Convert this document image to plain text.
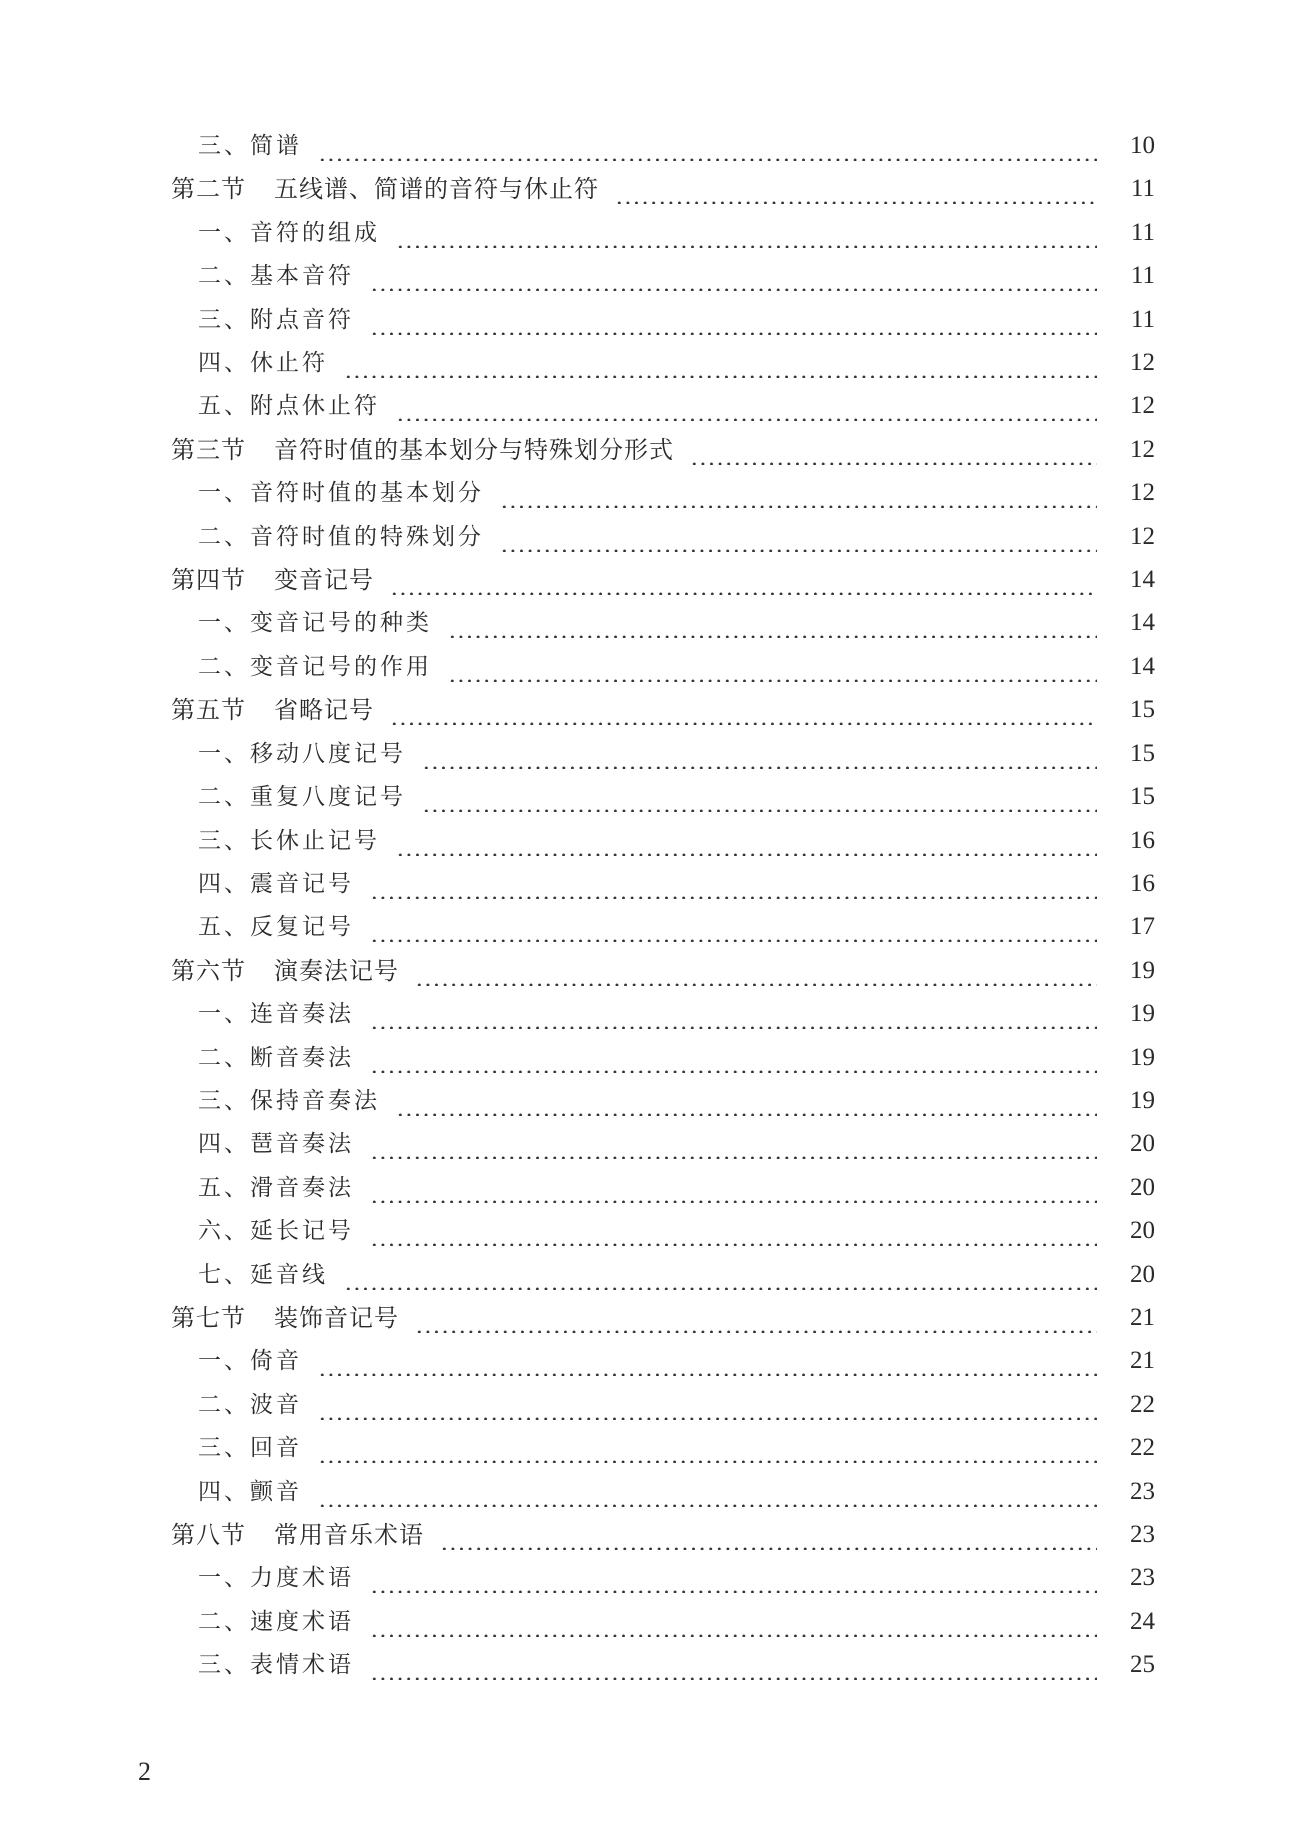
三、简谱	10
第二节 五线谱、简谱的音符与休止符	11
一、音符的组成	11
二、基本音符	11
三、附点音符	11
四、休止符	12
五、附点休止符	12
第三节 音符时值的基本划分与特殊划分形式	12
一、音符时值的基本划分	12
二、音符时值的特殊划分	12
第四节 变音记号	14
一、变音记号的种类	14
二、变音记号的作用	14
第五节 省略记号	15
一、移动八度记号	15
二、重复八度记号	15
三、长休止记号	16
四、震音记号	16
五、反复记号	17
第六节 演奏法记号	19
一、连音奏法	19
二、断音奏法	19
三、保持音奏法	19
四、琶音奏法	20
五、滑音奏法	20
六、延长记号	20
七、延音线	20
第七节 装饰音记号	21
一、倚音	21
二、波音	22
三、回音	22
四、颤音	23
第八节 常用音乐术语	23
一、力度术语	23
二、速度术语	24
三、表情术语	25
2
